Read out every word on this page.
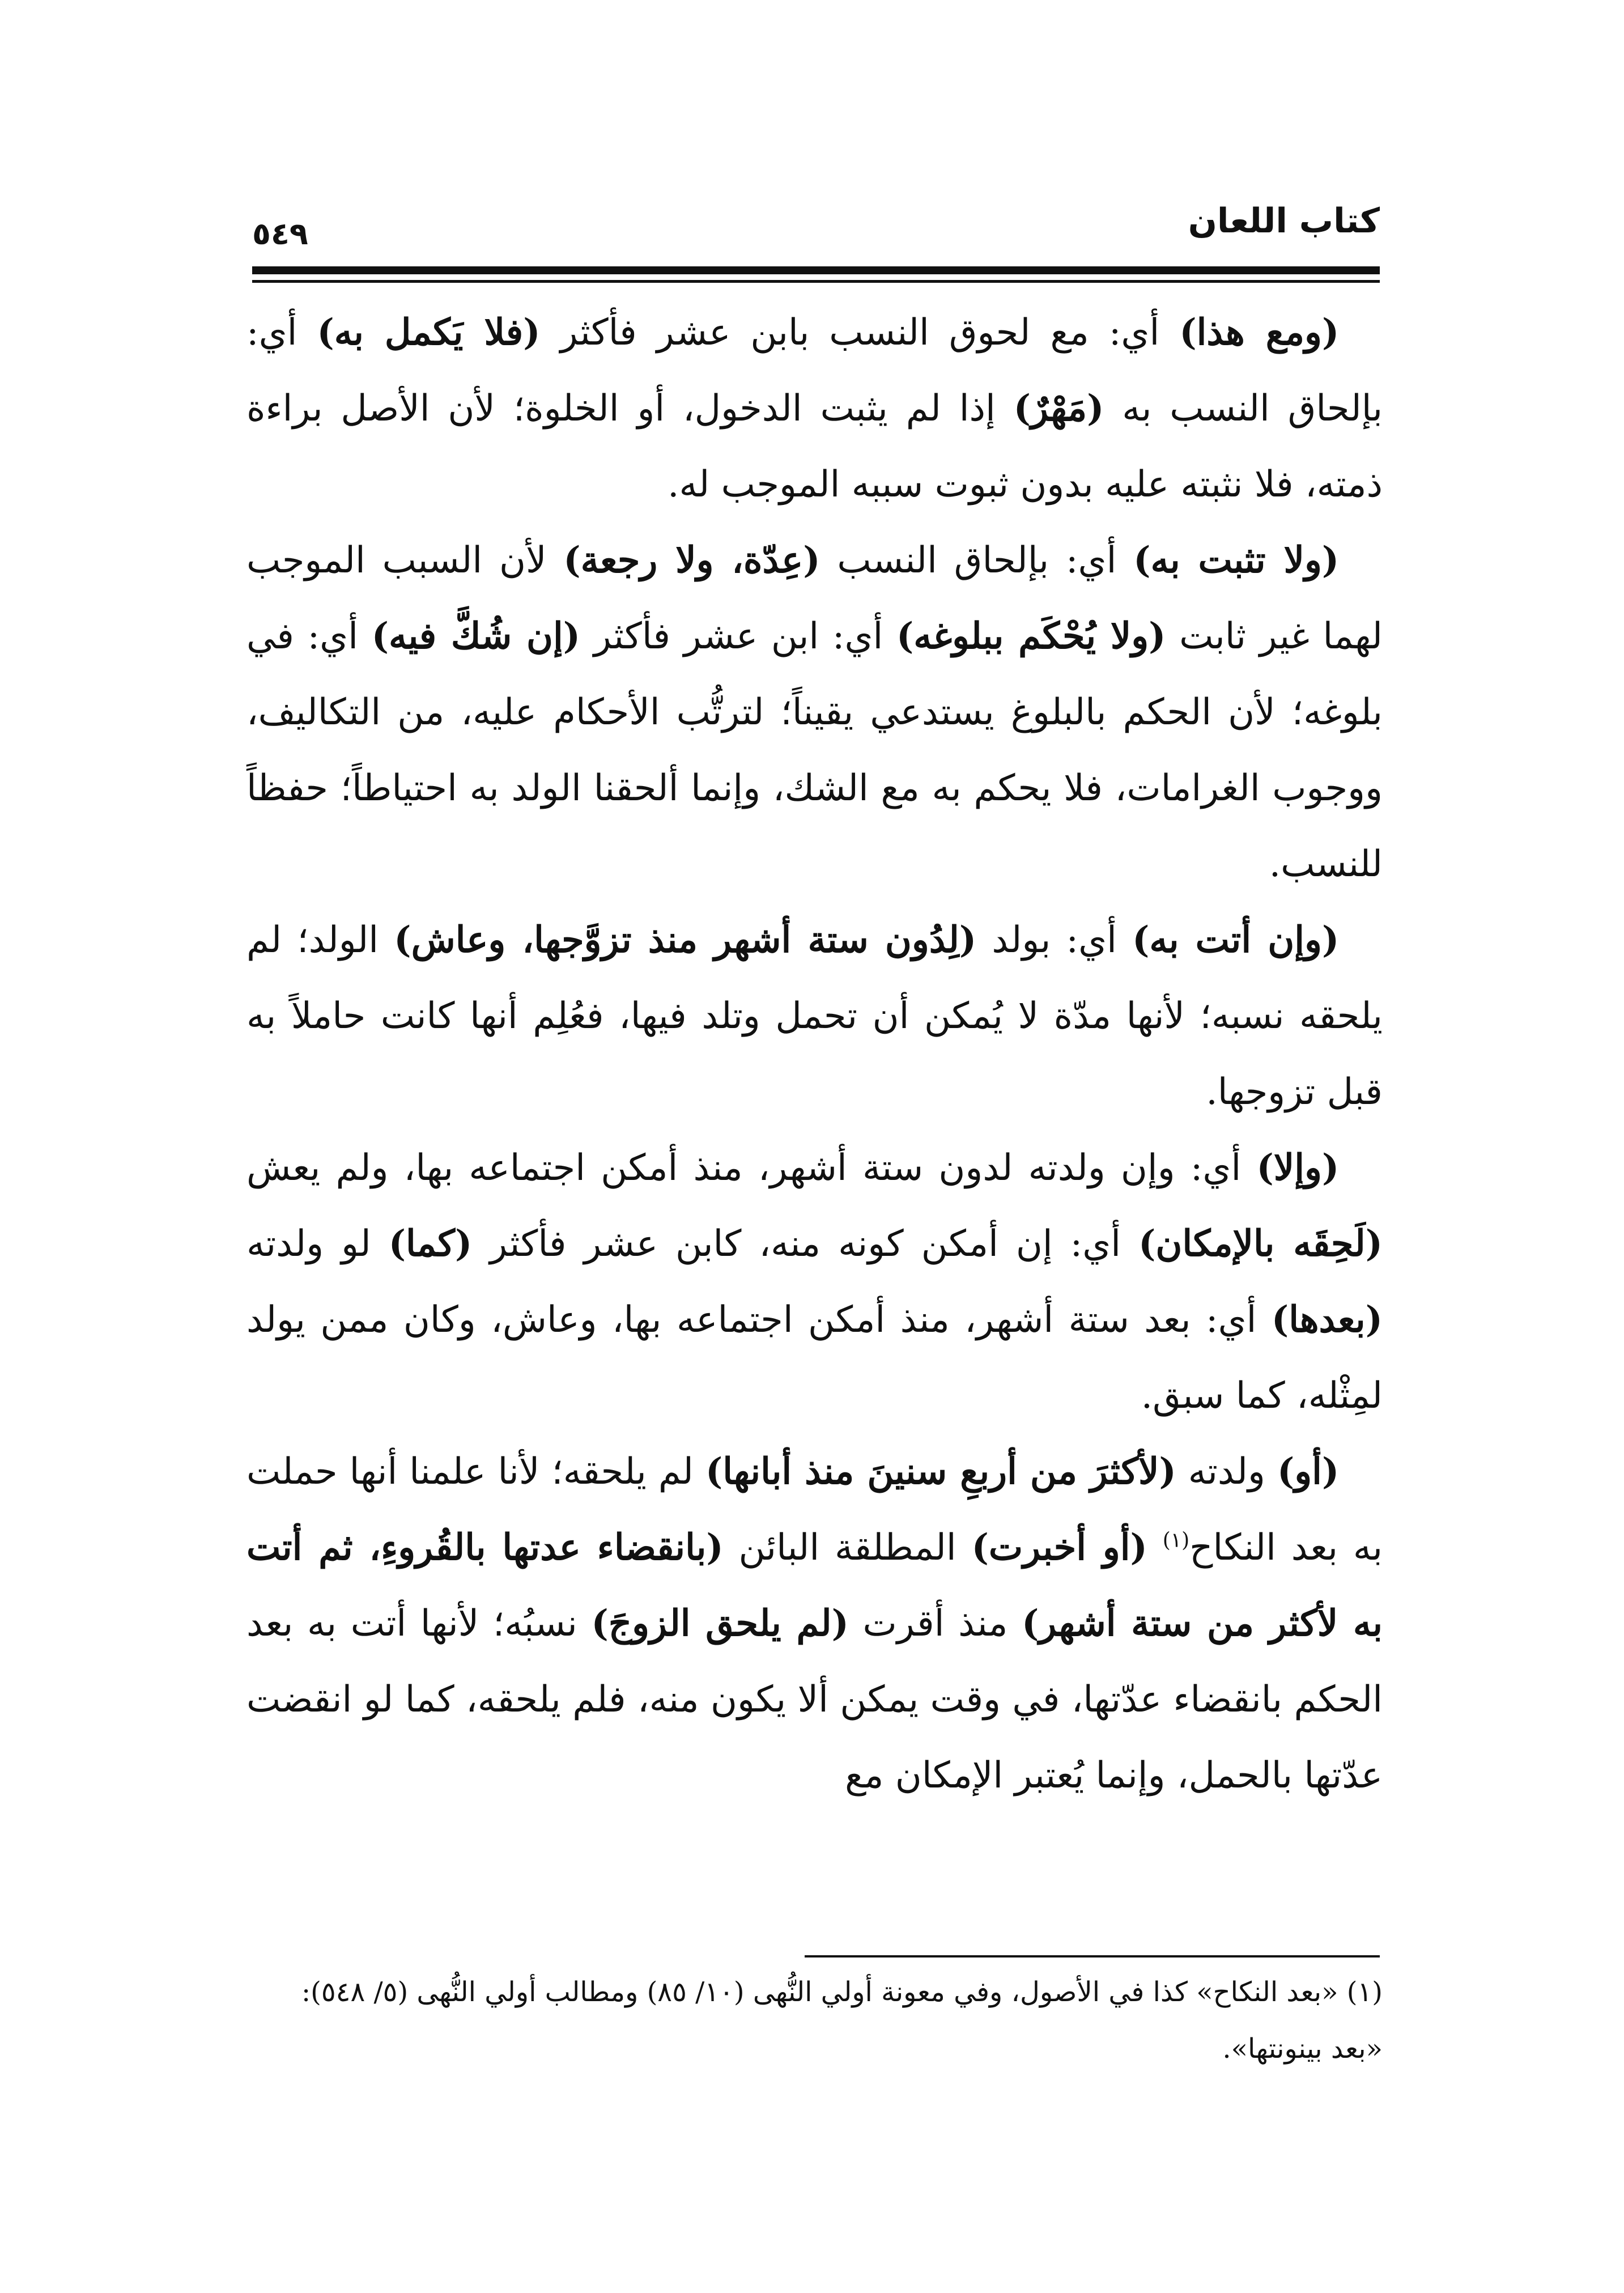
كتاب اللعان
٥٤٩

(ومع هذا) أي: مع لحوق النسب بابن عشر فأكثر (فلا يَكمل به) أي: بإلحاق النسب به (مَهْرٌ) إذا لم يثبت الدخول، أو الخلوة؛ لأن الأصل براءة ذمته، فلا نثبته عليه بدون ثبوت سببه الموجب له.

(ولا تثبت به) أي: بإلحاق النسب (عِدّة، ولا رجعة) لأن السبب الموجب لهما غير ثابت (ولا يُحْكَم ببلوغه) أي: ابن عشر فأكثر (إن شُكَّ فيه) أي: في بلوغه؛ لأن الحكم بالبلوغ يستدعي يقيناً؛ لترتُّب الأحكام عليه، من التكاليف، ووجوب الغرامات، فلا يحكم به مع الشك، وإنما ألحقنا الولد به احتياطاً؛ حفظاً للنسب.

(وإن أتت به) أي: بولد (لِدُون ستة أشهر منذ تزوَّجها، وعاش) الولد؛ لم يلحقه نسبه؛ لأنها مدّة لا يُمكن أن تحمل وتلد فيها، فعُلِم أنها كانت حاملاً به قبل تزوجها.

(وإلا) أي: وإن ولدته لدون ستة أشهر، منذ أمكن اجتماعه بها، ولم يعش (لَحِقَه بالإمكان) أي: إن أمكن كونه منه، كابن عشر فأكثر (كما) لو ولدته (بعدها) أي: بعد ستة أشهر، منذ أمكن اجتماعه بها، وعاش، وكان ممن يولد لمِثْله، كما سبق.

(أو) ولدته (لأكثرَ من أربعِ سنينَ منذ أبانها) لم يلحقه؛ لأنا علمنا أنها حملت به بعد النكاح$^{(١)}$ (أو أخبرت) المطلقة البائن (بانقضاء عدتها بالقُروءِ، ثم أتت به لأكثر من ستة أشهر) منذ أقرت (لم يلحق الزوجَ) نسبُه؛ لأنها أتت به بعد الحكم بانقضاء عدّتها، في وقت يمكن ألا يكون منه، فلم يلحقه، كما لو انقضت عدّتها بالحمل، وإنما يُعتبر الإمكان مع

(١) «بعد النكاح» كذا في الأصول، وفي معونة أولي النُّهى (١٠/ ٨٥) ومطالب أولي النُّهى (٥/ ٥٤٨): «بعد بينونتها».
